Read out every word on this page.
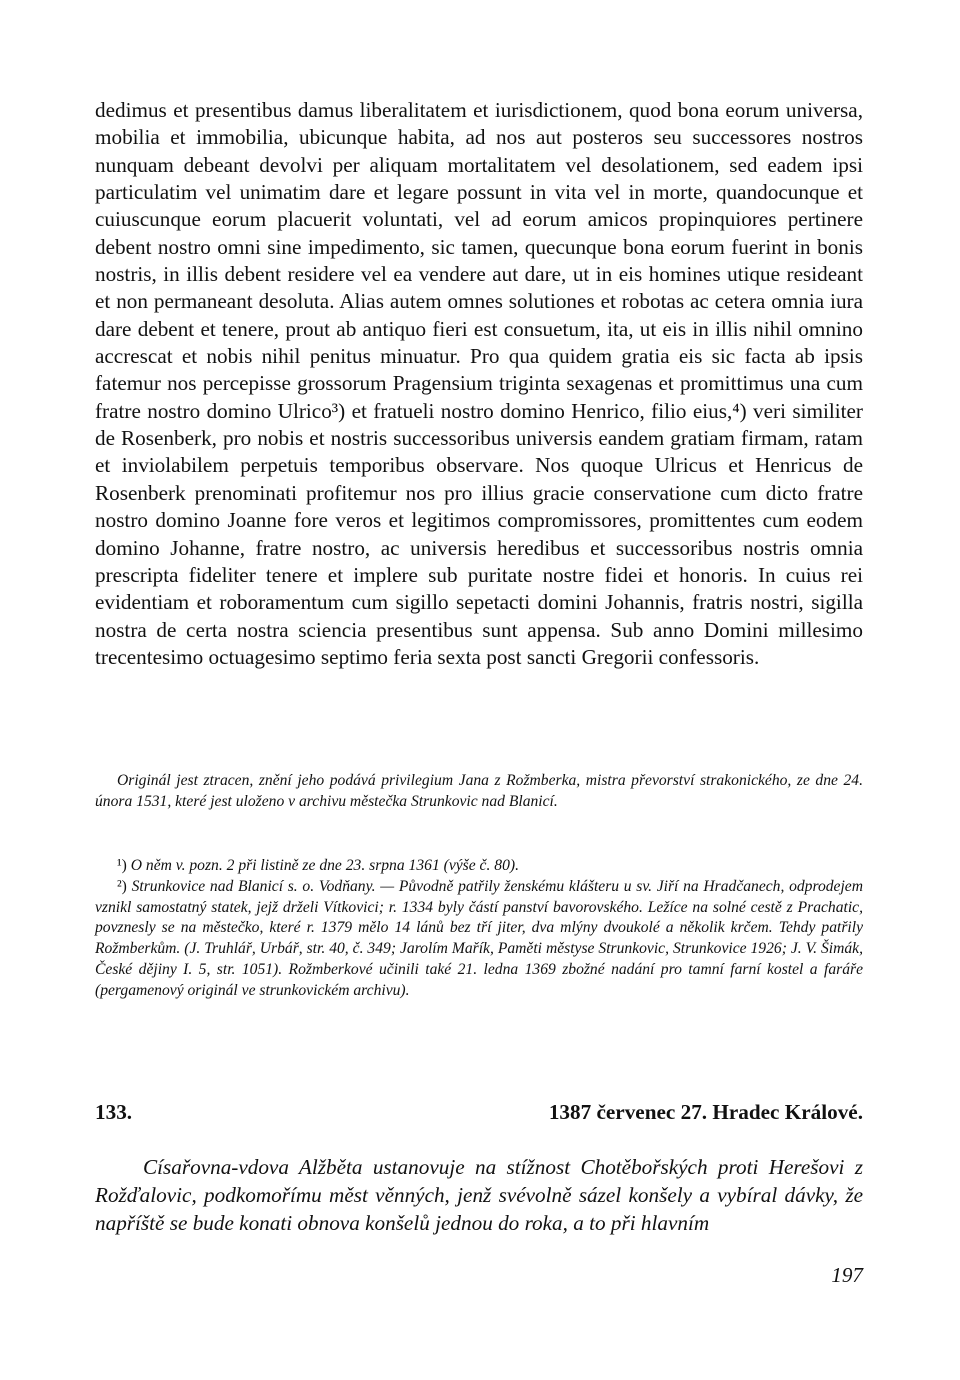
dedimus et presentibus damus liberalitatem et iurisdictionem, quod bona eorum universa, mobilia et immobilia, ubicunque habita, ad nos aut posteros seu successores nostros nunquam debeant devolvi per aliquam mortalitatem vel desolationem, sed eadem ipsi particulatim vel unimatim dare et legare possunt in vita vel in morte, quandocunque et cuiuscunque eorum placuerit voluntati, vel ad eorum amicos propinquiores pertinere debent nostro omni sine impedimento, sic tamen, quecunque bona eorum fuerint in bonis nostris, in illis debent residere vel ea vendere aut dare, ut in eis homines utique resideant et non permaneant desoluta. Alias autem omnes solutiones et robotas ac cetera omnia iura dare debent et tenere, prout ab antiquo fieri est consuetum, ita, ut eis in illis nihil omnino accrescat et nobis nihil penitus minuatur. Pro qua quidem gratia eis sic facta ab ipsis fatemur nos percepisse grossorum Pragensium triginta sexagenas et promittimus una cum fratre nostro domino Ulrico³) et fratueli nostro domino Henrico, filio eius,⁴) veri similiter de Rosenberk, pro nobis et nostris successoribus universis eandem gratiam firmam, ratam et inviolabilem perpetuis temporibus observare. Nos quoque Ulricus et Henricus de Rosenberk prenominati profitemur nos pro illius gracie conservatione cum dicto fratre nostro domino Joanne fore veros et legitimos compromissores, promittentes cum eodem domino Johanne, fratre nostro, ac universis heredibus et successoribus nostris omnia prescripta fideliter tenere et implere sub puritate nostre fidei et honoris. In cuius rei evidentiam et roboramentum cum sigillo sepetacti domini Johannis, fratris nostri, sigilla nostra de certa nostra sciencia presentibus sunt appensa. Sub anno Domini millesimo trecentesimo octuagesimo septimo feria sexta post sancti Gregorii confessoris.
Originál jest ztracen, znění jeho podává privilegium Jana z Rožmberka, mistra převorství strakonického, ze dne 24. února 1531, které jest uloženo v archivu městečka Strunkovic nad Blanicí.

¹) O něm v. pozn. 2 při listině ze dne 23. srpna 1361 (výše č. 80).

²) Strunkovice nad Blanicí s. o. Vodňany. — Původně patřily ženskému klášteru u sv. Jiří na Hradčanech, odprodejem vznikl samostatný statek, jejž drželi Vítkovici; r. 1334 byly částí panství bavorovského. Ležíce na solné cestě z Prachatic, povznesly se na městečko, které r. 1379 mělo 14 lánů bez tří jiter, dva mlýny dvoukolé a několik krčem. Tehdy patřily Rožmberkům. (J. Truhlář, Urbář, str. 40, č. 349; Jarolím Mařík, Paměti městyse Strunkovic, Strunkovice 1926; J. V. Šimák, České dějiny I. 5, str. 1051). Rožmberkové učinili také 21. ledna 1369 zbožné nadání pro tamní farní kostel a faráře (pergamenový originál ve strunkovickém archivu).

133.	1387 červenec 27. Hradec Králové.
Císařovna-vdova Alžběta ustanovuje na stížnost Chotěbořských proti Herešovi z Rožďalovic, podkomořímu měst věnných, jenž svévolně sázel konšely a vybíral dávky, že napříště se bude konati obnova konšelů jednou do roka, a to při hlavním
197
